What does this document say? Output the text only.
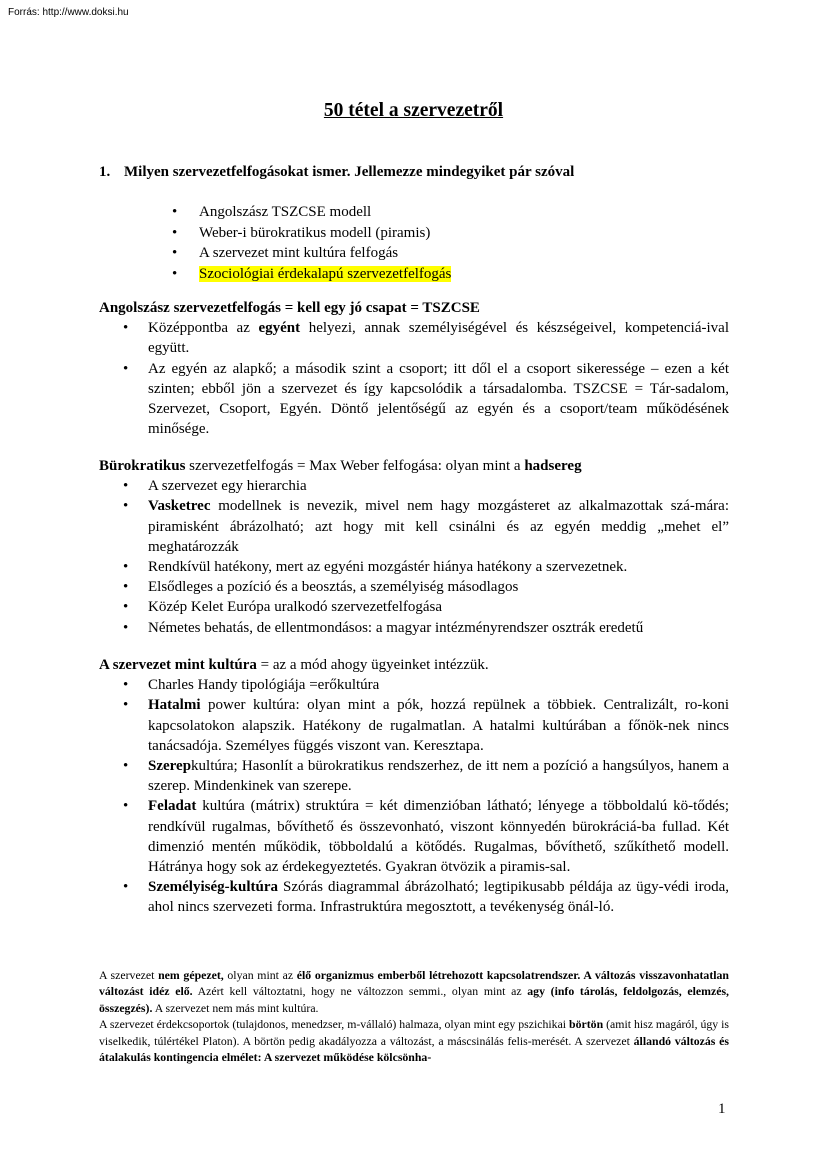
Forrás: http://www.doksi.hu
50 tétel a szervezetről
1. Milyen szervezetfelfogásokat ismer. Jellemezze mindegyiket pár szóval
• Angolszász TSZCSE modell
• Weber-i bürokratikus modell (piramis)
• A szervezet mint kultúra felfogás
• Szociológiai érdekalapú szervezetfelfogás

Angolszász szervezetfelfogás = kell egy jó csapat = TSZCSE

• Középpontba az egyént helyezi, annak személyiségével és készségeivel, kompetenciá-ival együtt.
• Az egyén az alapkő; a második szint a csoport; itt dől el a csoport sikeressége – ezen a két szinten; ebből jön a szervezet és így kapcsolódik a társadalomba. TSZCSE = Tár-sadalom, Szervezet, Csoport, Egyén. Döntő jelentőségű az egyén és a csoport/team működésének minősége.

Bürokratikus szervezetfelfogás = Max Weber felfogása: olyan mint a hadsereg

• A szervezet egy hierarchia
• Vasketrec modellnek is nevezik, mivel nem hagy mozgásteret az alkalmazottak szá-mára: piramisként ábrázolható; azt hogy mit kell csinálni és az egyén meddig „mehet el” meghatározzák
• Rendkívül hatékony, mert az egyéni mozgástér hiánya hatékony a szervezetnek.
• Elsődleges a pozíció és a beosztás, a személyiség másodlagos
• Közép Kelet Európa uralkodó szervezetfelfogása
• Németes behatás, de ellentmondásos: a magyar intézményrendszer osztrák eredetű

A szervezet mint kultúra = az a mód ahogy ügyeinket intézzük.

• Charles Handy tipológiája =erőkultúra
• Hatalmi power kultúra: olyan mint a pók, hozzá repülnek a többiek. Centralizált, ro-koni kapcsolatokon alapszik. Hatékony de rugalmatlan. A hatalmi kultúrában a főnök-nek nincs tanácsadója. Személyes függés viszont van. Keresztapa.
• Szerepkultúra; Hasonlít a bürokratikus rendszerhez, de itt nem a pozíció a hangsúlyos, hanem a szerep. Mindenkinek van szerepe.
• Feladat kultúra (mátrix) struktúra = két dimenzióban látható; lényege a többoldalú kö-tődés; rendkívül rugalmas, bővíthető és összevonható, viszont könnyedén bürokráciá-ba fullad. Két dimenzió mentén működik, többoldalú a kötődés. Rugalmas, bővíthető, szűkíthető modell. Hátránya hogy sok az érdekegyeztetés. Gyakran ötvözik a piramis-sal.
• Személyiség-kultúra Szórás diagrammal ábrázolható; legtipikusabb példája az ügy-védi iroda, ahol nincs szervezeti forma. Infrastruktúra megosztott, a tevékenység önál-ló.

A szervezet nem gépezet, olyan mint az élő organizmus emberből létrehozott kapcsolatrendszer. A változás visszavonhatatlan változást idéz elő. Azért kell változtatni, hogy ne változzon semmi., olyan mint az agy (info tárolás, feldolgozás, elemzés, összegzés). A szervezet nem más mint kultúra.

A szervezet érdekcsoportok (tulajdonos, menedzser, m-vállaló) halmaza, olyan mint egy pszichikai börtön (amit hisz magáról, úgy is viselkedik, túlértékel Platon). A börtön pedig akadályozza a változást, a máscsinálás felis-merését. A szervezet állandó változás és átalakulás kontingencia elmélet: A szervezet működése kölcsönha-

1
